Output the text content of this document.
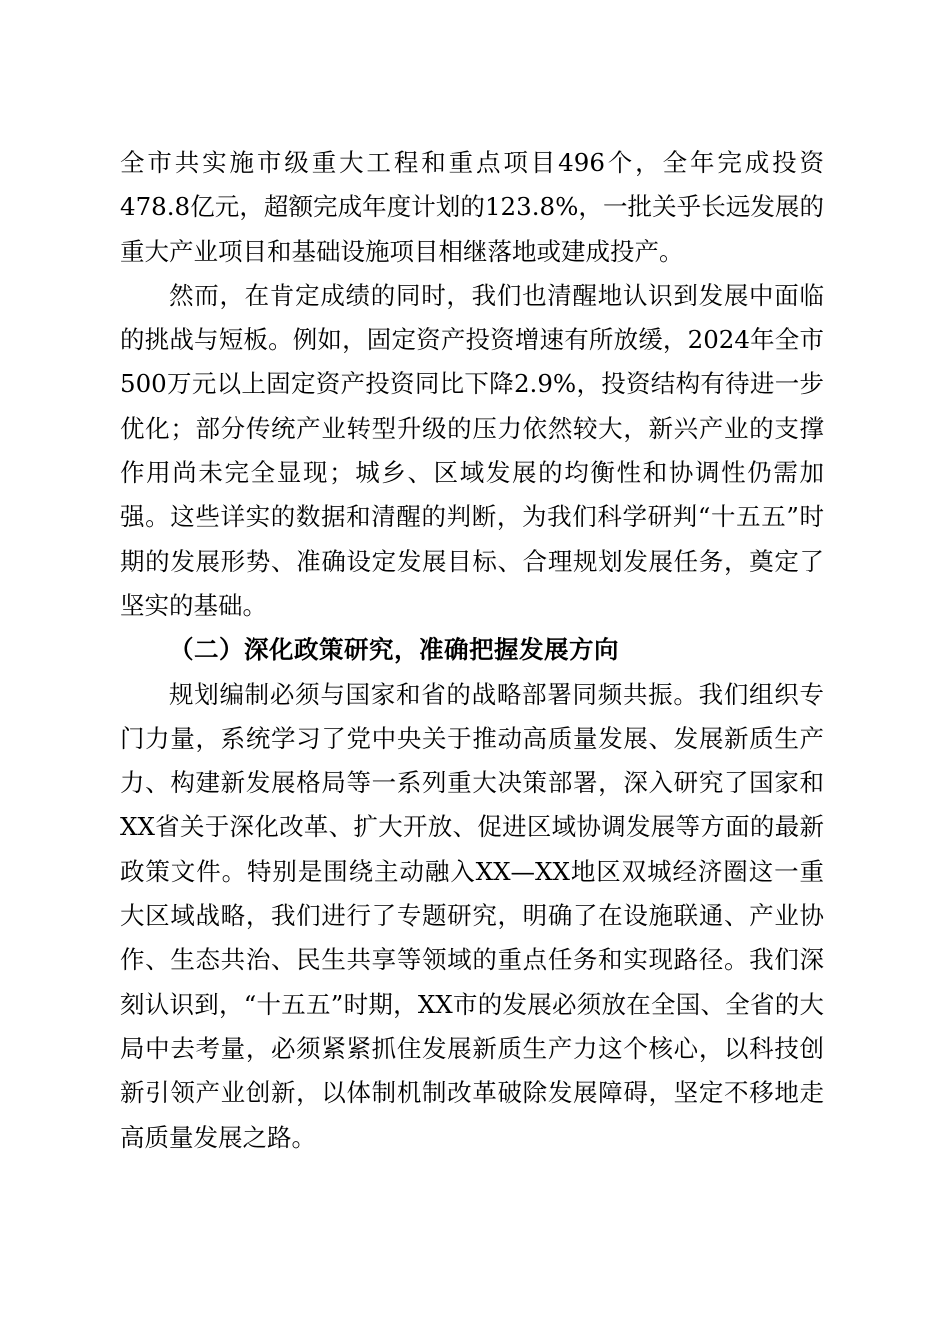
全市共实施市级重大工程和重点项目496个，全年完成投资478.8亿元，超额完成年度计划的123.8%，一批关乎长远发展的重大产业项目和基础设施项目相继落地或建成投产。

然而，在肯定成绩的同时，我们也清醒地认识到发展中面临的挑战与短板。例如，固定资产投资增速有所放缓，2024年全市500万元以上固定资产投资同比下降2.9%，投资结构有待进一步优化；部分传统产业转型升级的压力依然较大，新兴产业的支撑作用尚未完全显现；城乡、区域发展的均衡性和协调性仍需加强。这些详实的数据和清醒的判断，为我们科学研判“十五五”时期的发展形势、准确设定发展目标、合理规划发展任务，奠定了坚实的基础。

（二）深化政策研究，准确把握发展方向

规划编制必须与国家和省的战略部署同频共振。我们组织专门力量，系统学习了党中央关于推动高质量发展、发展新质生产力、构建新发展格局等一系列重大决策部署，深入研究了国家和XX省关于深化改革、扩大开放、促进区域协调发展等方面的最新政策文件。特别是围绕主动融入XX—XX地区双城经济圈这一重大区域战略，我们进行了专题研究，明确了在设施联通、产业协作、生态共治、民生共享等领域的重点任务和实现路径。我们深刻认识到，“十五五”时期，XX市的发展必须放在全国、全省的大局中去考量，必须紧紧抓住发展新质生产力这个核心，以科技创新引领产业创新，以体制机制改革破除发展障碍，坚定不移地走高质量发展之路。
